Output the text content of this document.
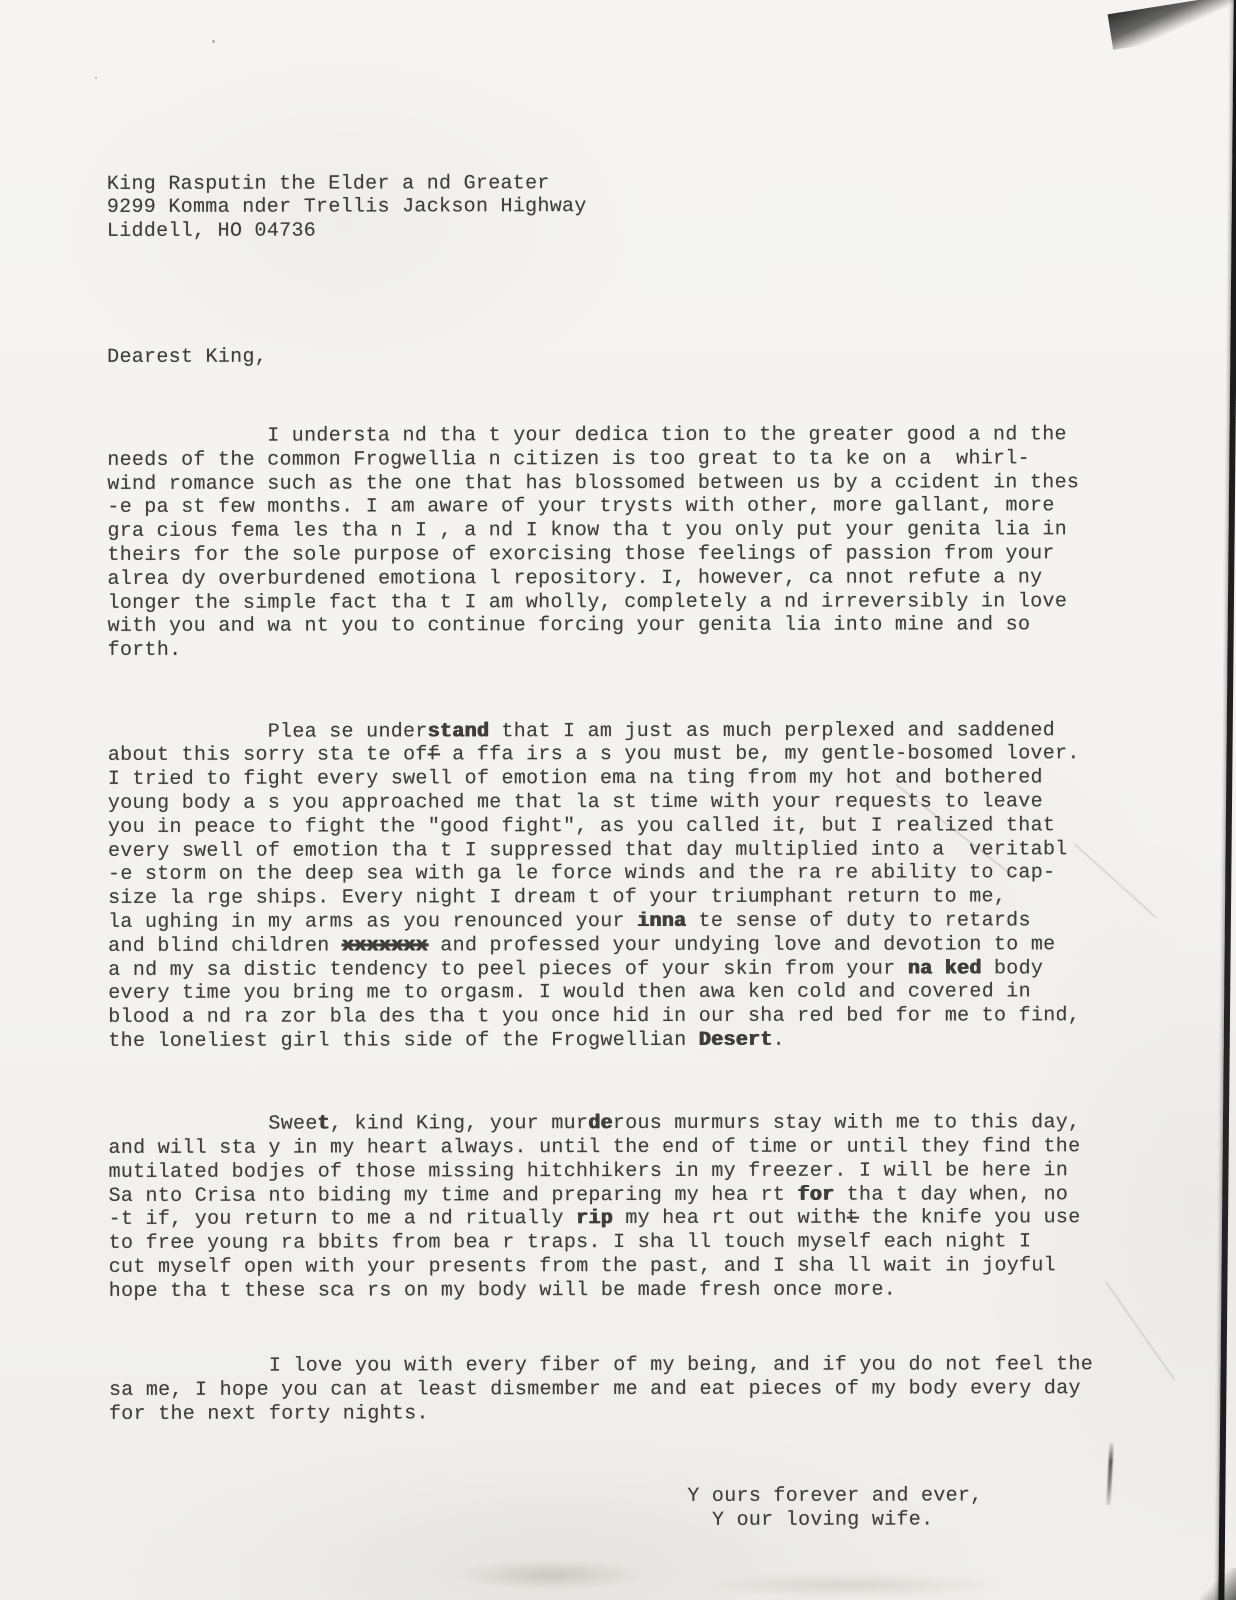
King Rasputin the Elder a nd Greater
9299 Komma nder Trellis Jackson Highway
Liddell, HO 04736

Dearest King,

I understa nd tha t your dedica tion to the greater good a nd the
needs of the common Frogwellia n citizen is too great to ta ke on a  whirl-
wind romance such as the one that has blossomed between us by a ccident in thes
-e pa st few months. I am aware of your trysts with other, more gallant, more
gra cious fema les tha n I , a nd I know tha t you only put your genita lia in
theirs for the sole purpose of exorcising those feelings of passion from your
alrea dy overburdened emotiona l repository. I, however, ca nnot refute a ny
longer the simple fact tha t I am wholly, completely a nd irreversibly in love
with you and wa nt you to continue forcing your genita lia into mine and so
forth.

Plea se understand that I am just as much perplexed and saddened
about this sorry sta te off a ffa irs a s you must be, my gentle-bosomed lover.
I tried to fight every swell of emotion ema na ting from my hot and bothered
young body a s you approached me that la st time with your requests to leave
you in peace to fight the "good fight", as you called it, but I realized that
every swell of emotion tha t I suppressed that day multiplied into a  veritabl
-e storm on the deep sea with ga le force winds and the ra re ability to cap-
size la rge ships. Every night I dream t of your triumphant return to me,
la ughing in my arms as you renounced your inna te sense of duty to retards
and blind children xxxxxxx and professed your undying love and devotion to me
a nd my sa distic tendency to peel pieces of your skin from your na ked body
every time you bring me to orgasm. I would then awa ken cold and covered in
blood a nd ra zor bla des tha t you once hid in our sha red bed for me to find,
the loneliest girl this side of the Frogwellian Desert.

Sweet, kind King, your murderous murmurs stay with me to this day,
and will sta y in my heart always. until the end of time or until they find the
mutilated bodjes of those missing hitchhikers in my freezer. I will be here in
Sa nto Crisa nto biding my time and preparing my hea rt for tha t day when, no
-t if, you return to me a nd ritually rip my hea rt out witht the knife you use
to free young ra bbits from bea r traps. I sha ll touch myself each night I
cut myself open with your presents from the past, and I sha ll wait in joyful
hope tha t these sca rs on my body will be made fresh once more.

I love you with every fiber of my being, and if you do not feel the
sa me, I hope you can at least dismember me and eat pieces of my body every day
for the next forty nights.

Y ours forever and ever,
Y our loving wife.
